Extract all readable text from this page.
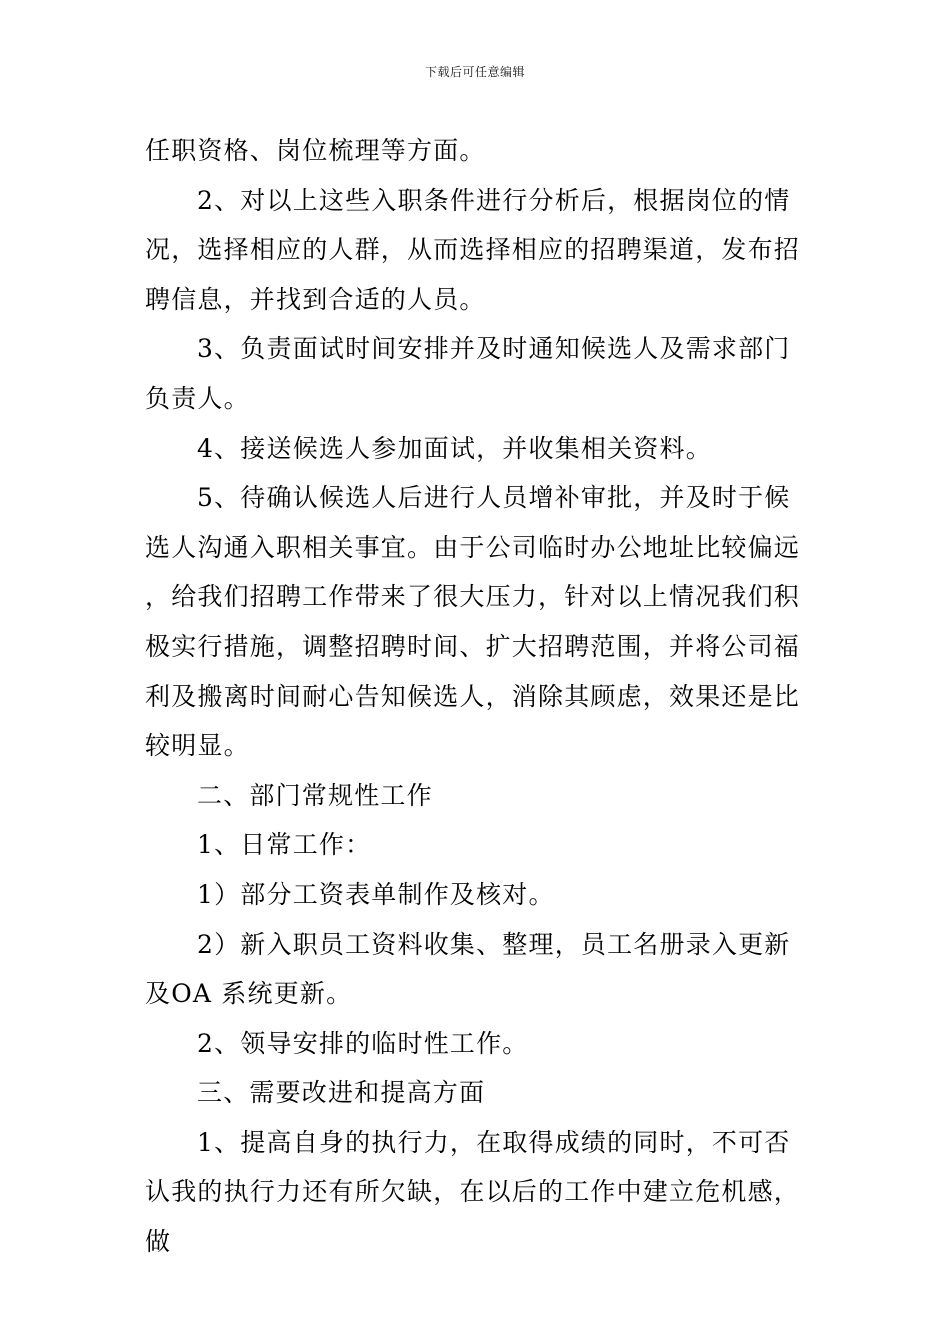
下载后可任意编辑

任职资格、岗位梳理等方面。

2、对以上这些入职条件进行分析后，根据岗位的情况，选择相应的人群，从而选择相应的招聘渠道，发布招聘信息，并找到合适的人员。

3、负责面试时间安排并及时通知候选人及需求部门负责人。

4、接送候选人参加面试，并收集相关资料。

5、待确认候选人后进行人员增补审批，并及时于候选人沟通入职相关事宜。由于公司临时办公地址比较偏远，给我们招聘工作带来了很大压力，针对以上情况我们积极实行措施，调整招聘时间、扩大招聘范围，并将公司福利及搬离时间耐心告知候选人，消除其顾虑，效果还是比较明显。

二、部门常规性工作

1、日常工作：

1）部分工资表单制作及核对。

2）新入职员工资料收集、整理，员工名册录入更新及OA 系统更新。

2、领导安排的临时性工作。

三、需要改进和提高方面

1、提高自身的执行力，在取得成绩的同时，不可否认我的执行力还有所欠缺，在以后的工作中建立危机感，做
